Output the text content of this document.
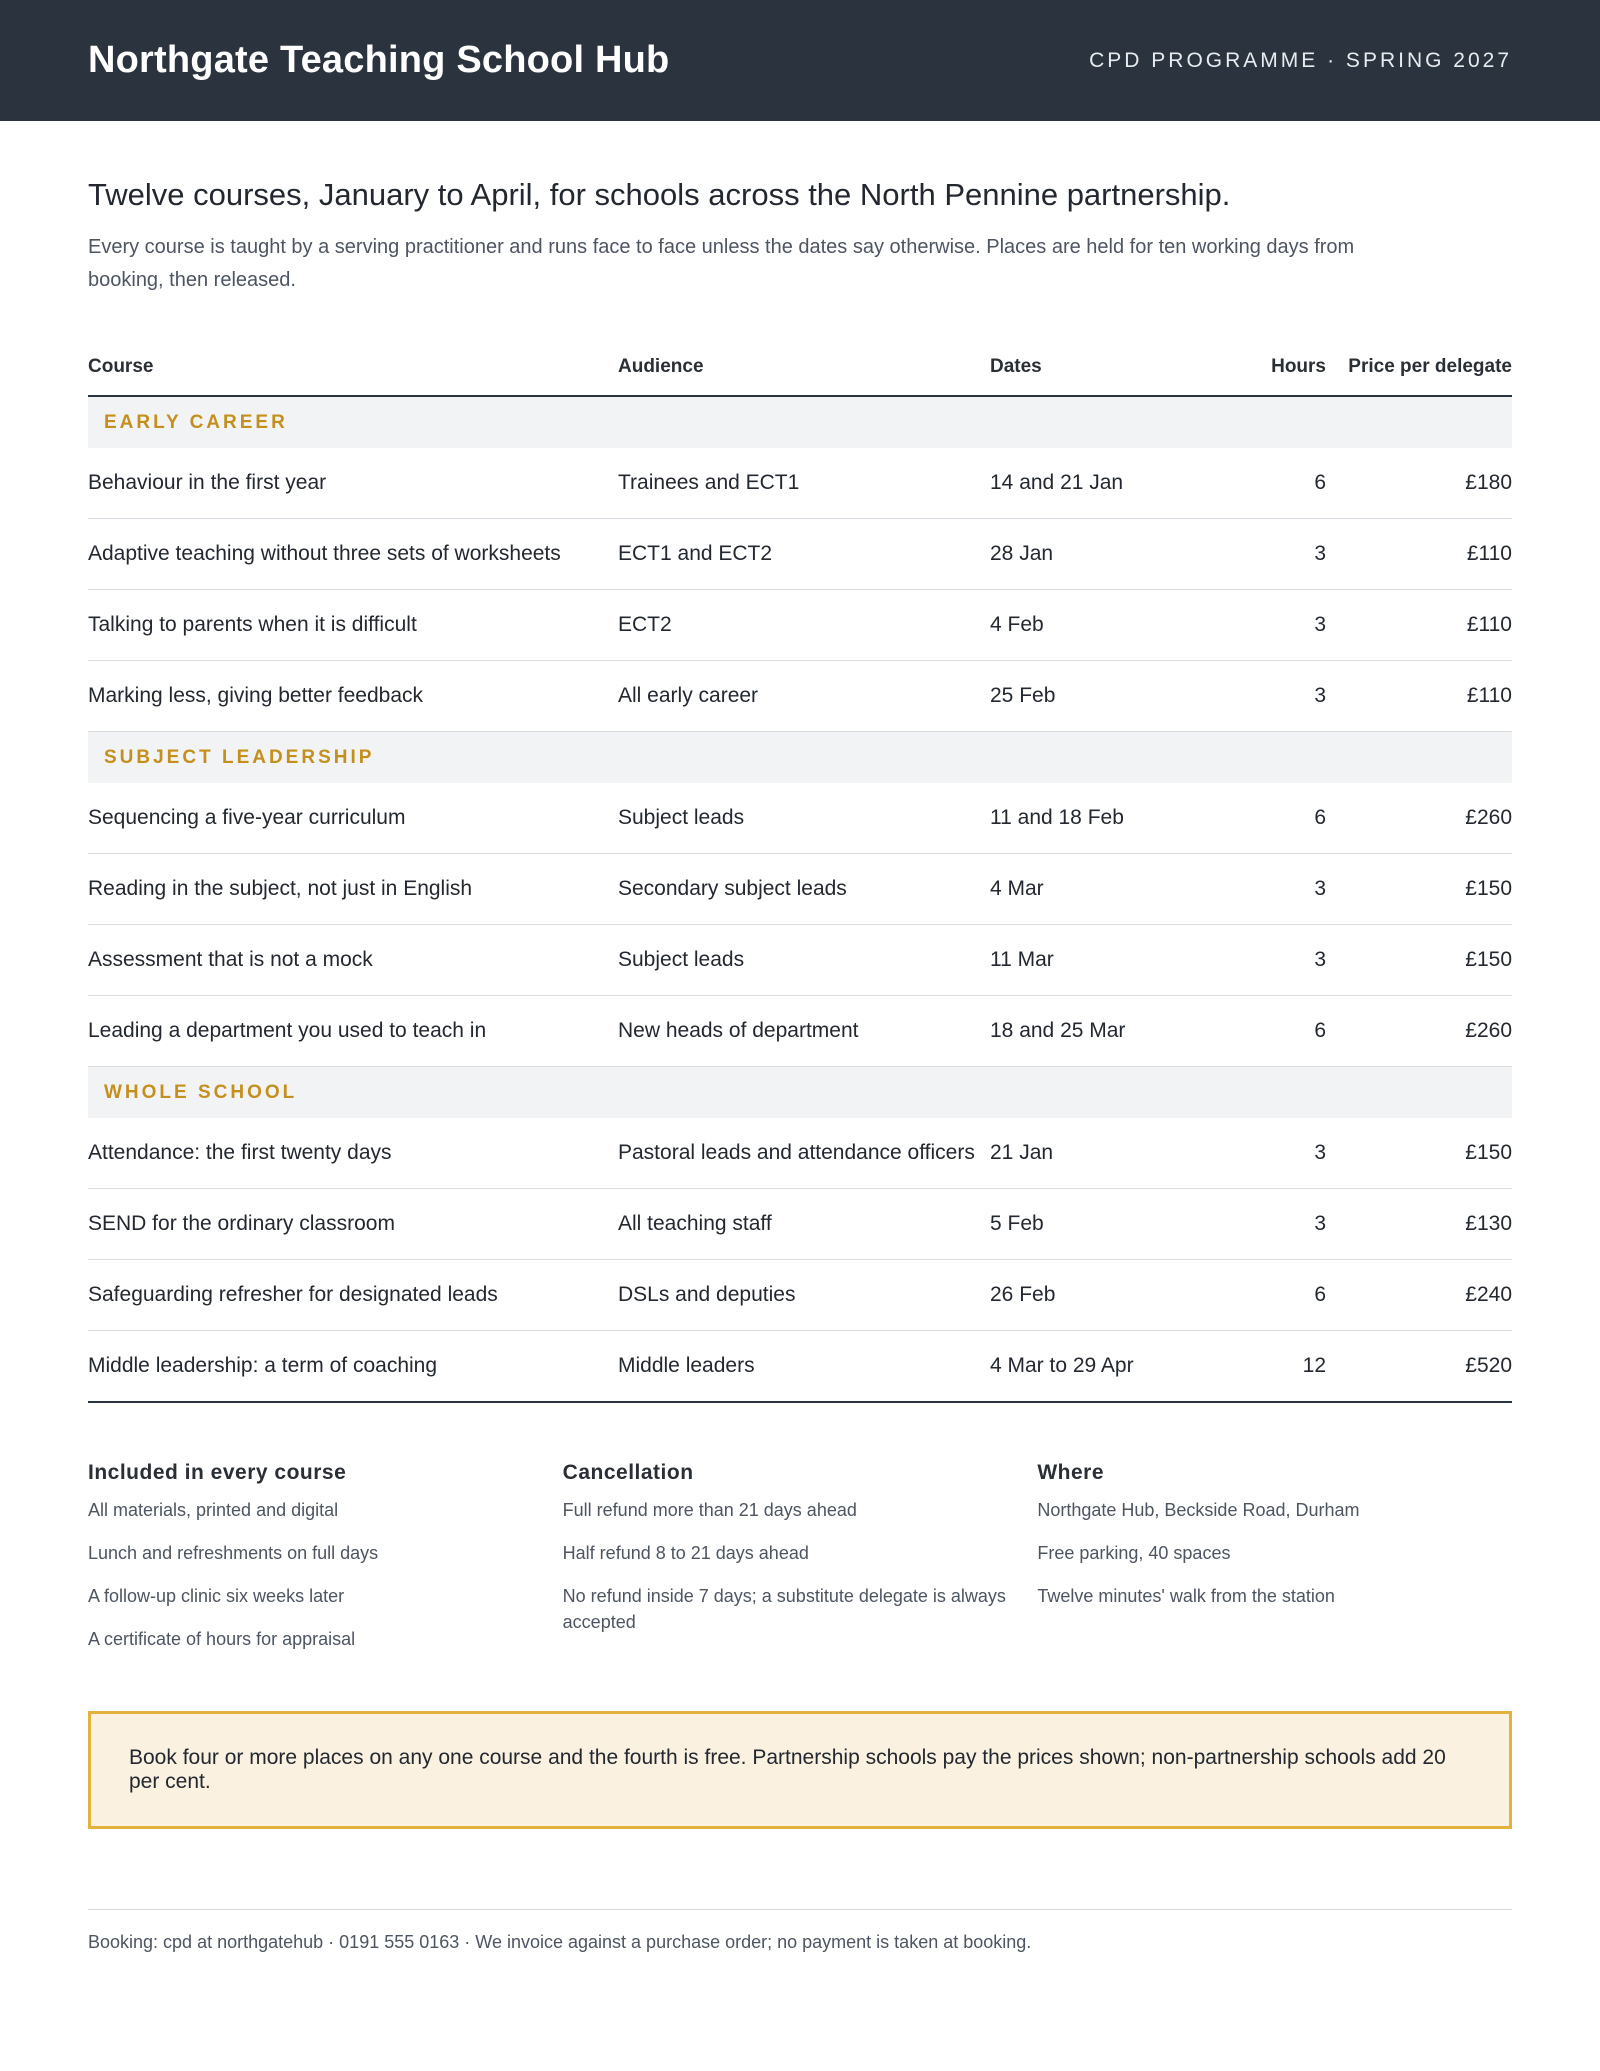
Northgate Teaching School Hub	CPD PROGRAMME · SPRING 2027
Twelve courses, January to April, for schools across the North Pennine partnership.

Every course is taught by a serving practitioner and runs face to face unless the dates say otherwise. Places are held for ten working days from booking, then released.

Course	Audience	Dates	Hours	Price per delegate
EARLY CAREER				
Behaviour in the first year	Trainees and ECT1	14 and 21 Jan	6	£180
Adaptive teaching without three sets of worksheets	ECT1 and ECT2	28 Jan	3	£110
Talking to parents when it is difficult	ECT2	4 Feb	3	£110
Marking less, giving better feedback	All early career	25 Feb	3	£110
SUBJECT LEADERSHIP				
Sequencing a five-year curriculum	Subject leads	11 and 18 Feb	6	£260
Reading in the subject, not just in English	Secondary subject leads	4 Mar	3	£150
Assessment that is not a mock	Subject leads	11 Mar	3	£150
Leading a department you used to teach in	New heads of department	18 and 25 Mar	6	£260
WHOLE SCHOOL				
Attendance: the first twenty days	Pastoral leads and attendance officers	21 Jan	3	£150
SEND for the ordinary classroom	All teaching staff	5 Feb	3	£130
Safeguarding refresher for designated leads	DSLs and deputies	26 Feb	6	£240
Middle leadership: a term of coaching	Middle leaders	4 Mar to 29 Apr	12	£520
Included in every course
All materials, printed and digital
Lunch and refreshments on full days
A follow-up clinic six weeks later
A certificate of hours for appraisal
Cancellation
Full refund more than 21 days ahead
Half refund 8 to 21 days ahead
No refund inside 7 days; a substitute delegate is always accepted
Where
Northgate Hub, Beckside Road, Durham
Free parking, 40 spaces
Twelve minutes' walk from the station
Book four or more places on any one course and the fourth is free. Partnership schools pay the prices shown; non-partnership schools add 20 per cent.
Booking: cpd at northgatehub · 0191 555 0163 · We invoice against a purchase order; no payment is taken at booking.
